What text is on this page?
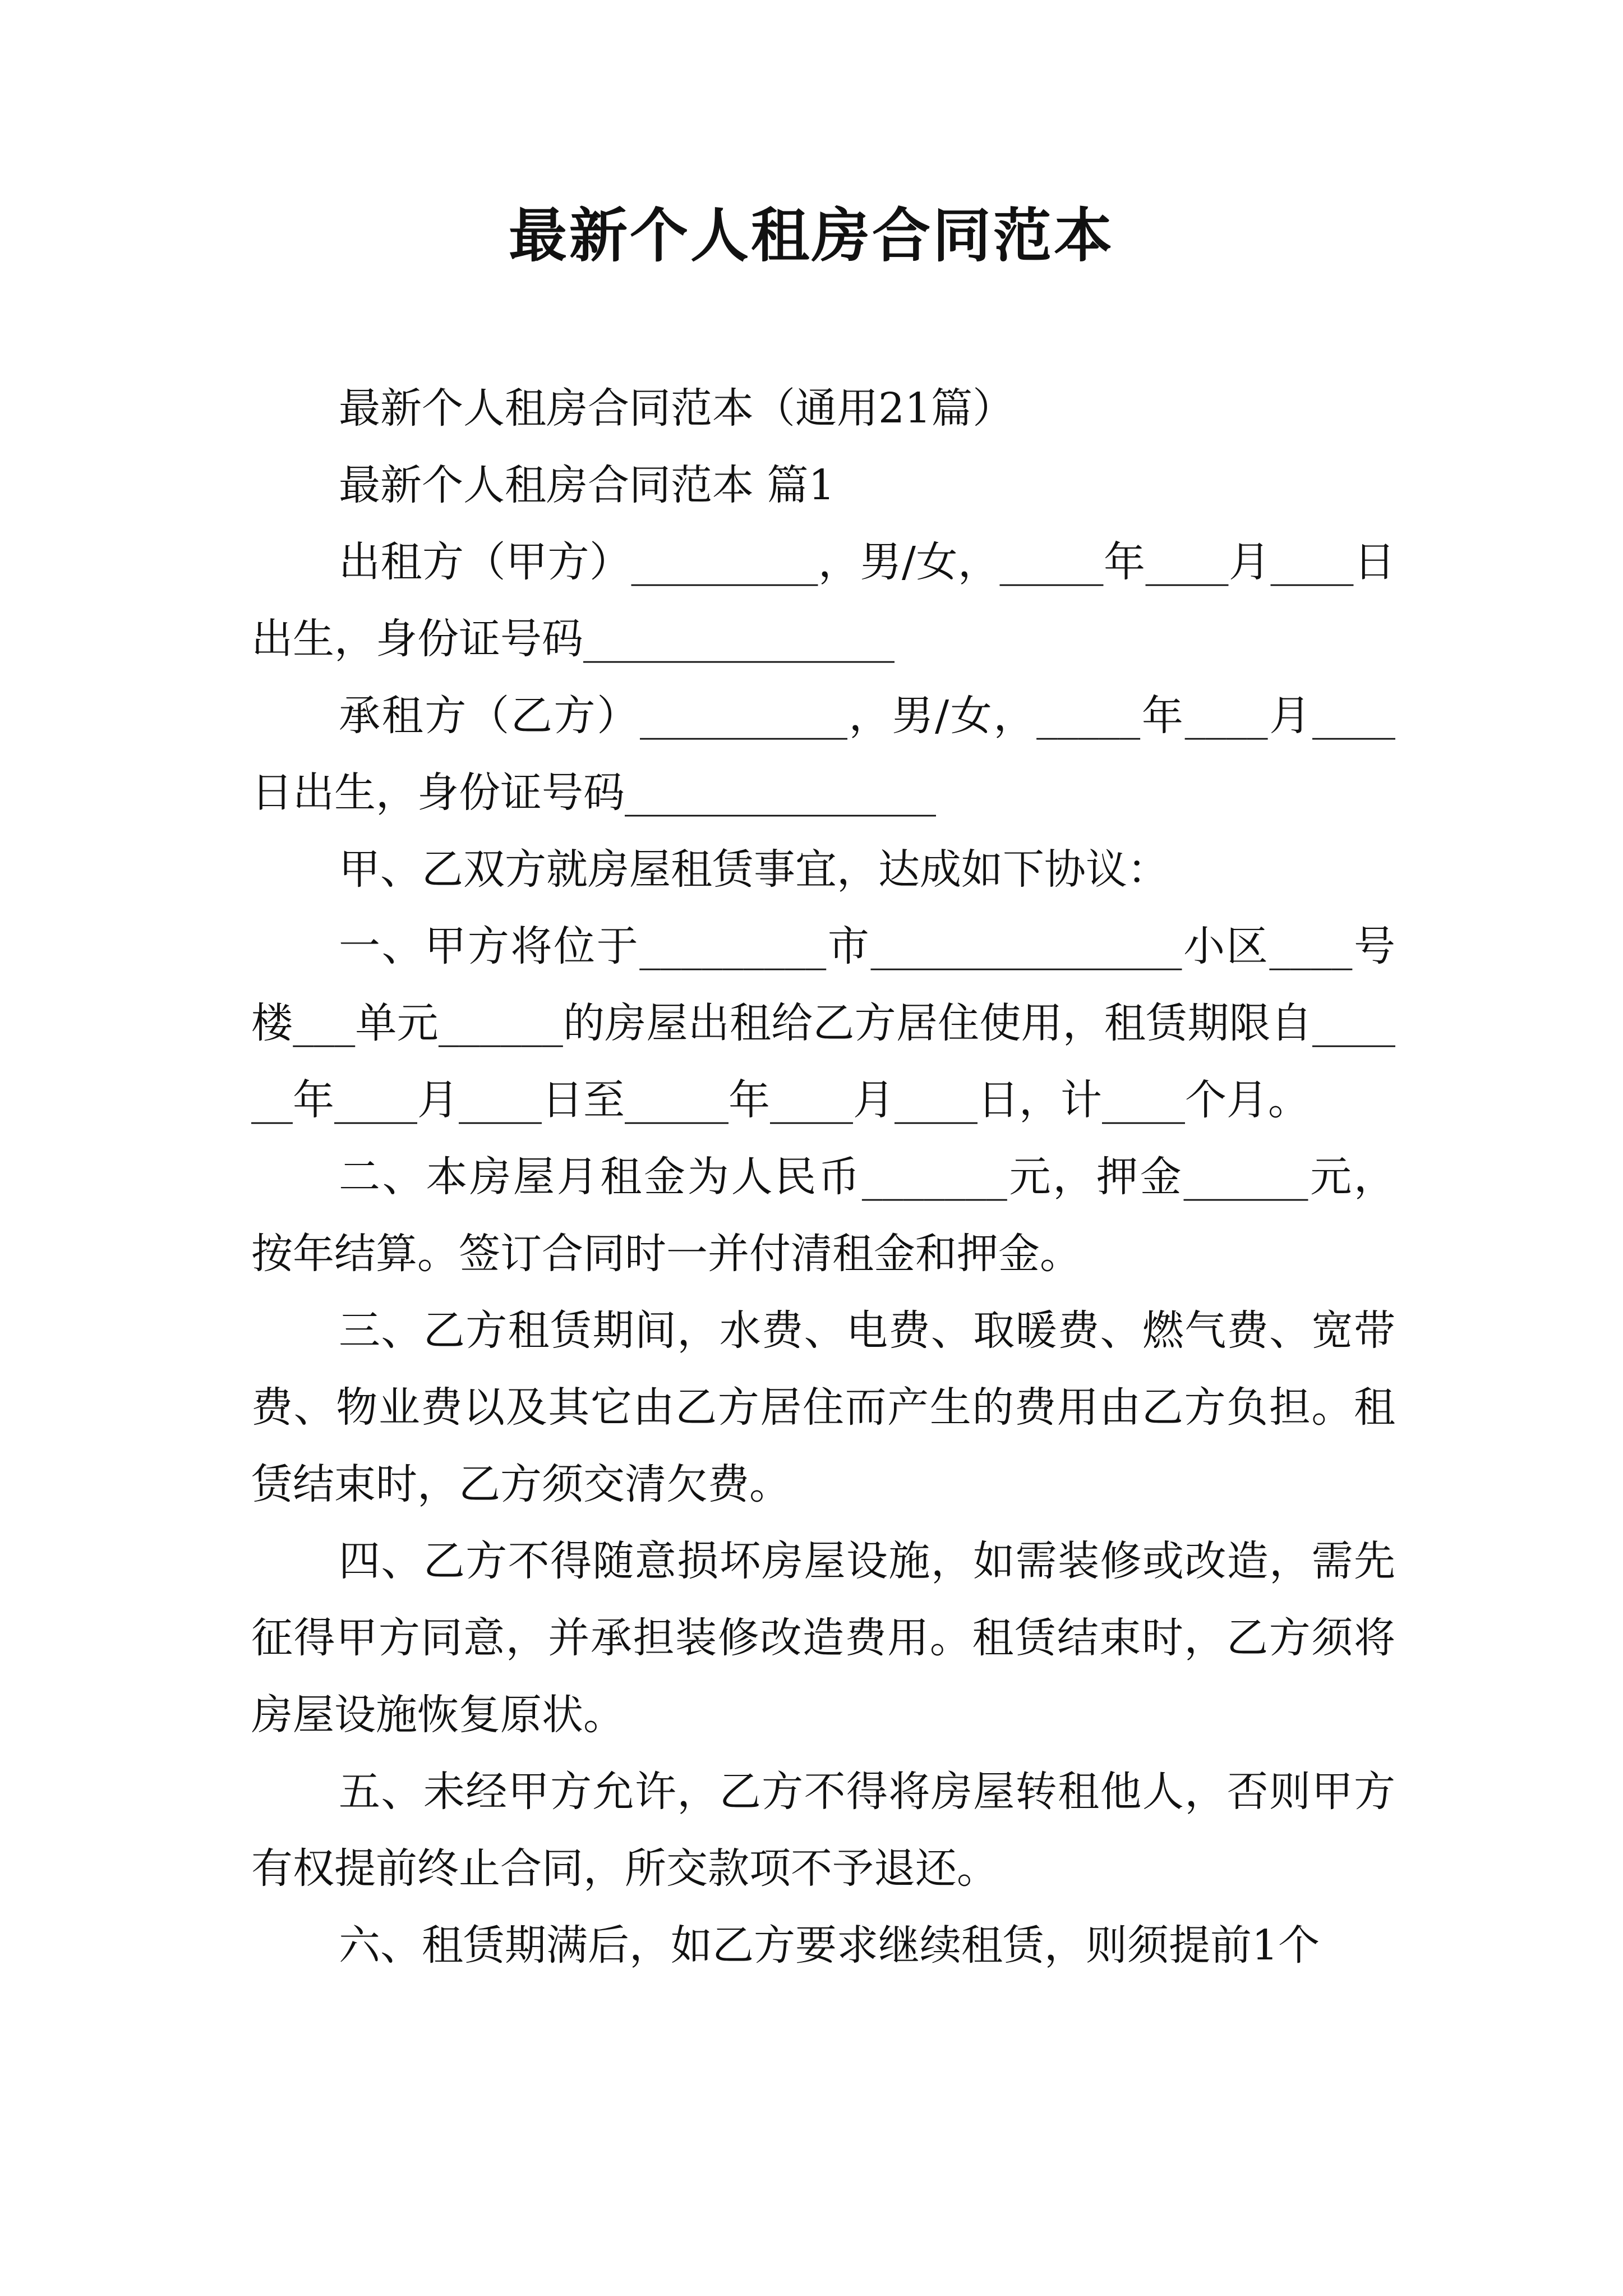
最新个人租房合同范本

最新个人租房合同范本（通用21篇）

最新个人租房合同范本 篇1

出租方（甲方）_________，男/女，_____年____月____日出生，身份证号码_______________

承租方（乙方）__________，男/女，_____年____月____日出生，身份证号码_______________

甲、乙双方就房屋租赁事宜，达成如下协议：

一、甲方将位于_________市_______________小区____号楼___单元______的房屋出租给乙方居住使用，租赁期限自______年____月____日至_____年____月____日，计____个月。

二、本房屋月租金为人民币_______元，押金______元，按年结算。签订合同时一并付清租金和押金。

三、乙方租赁期间，水费、电费、取暖费、燃气费、宽带费、物业费以及其它由乙方居住而产生的费用由乙方负担。租赁结束时，乙方须交清欠费。

四、乙方不得随意损坏房屋设施，如需装修或改造，需先征得甲方同意，并承担装修改造费用。租赁结束时，乙方须将房屋设施恢复原状。

五、未经甲方允许，乙方不得将房屋转租他人，否则甲方有权提前终止合同，所交款项不予退还。

六、租赁期满后，如乙方要求继续租赁，则须提前1个
